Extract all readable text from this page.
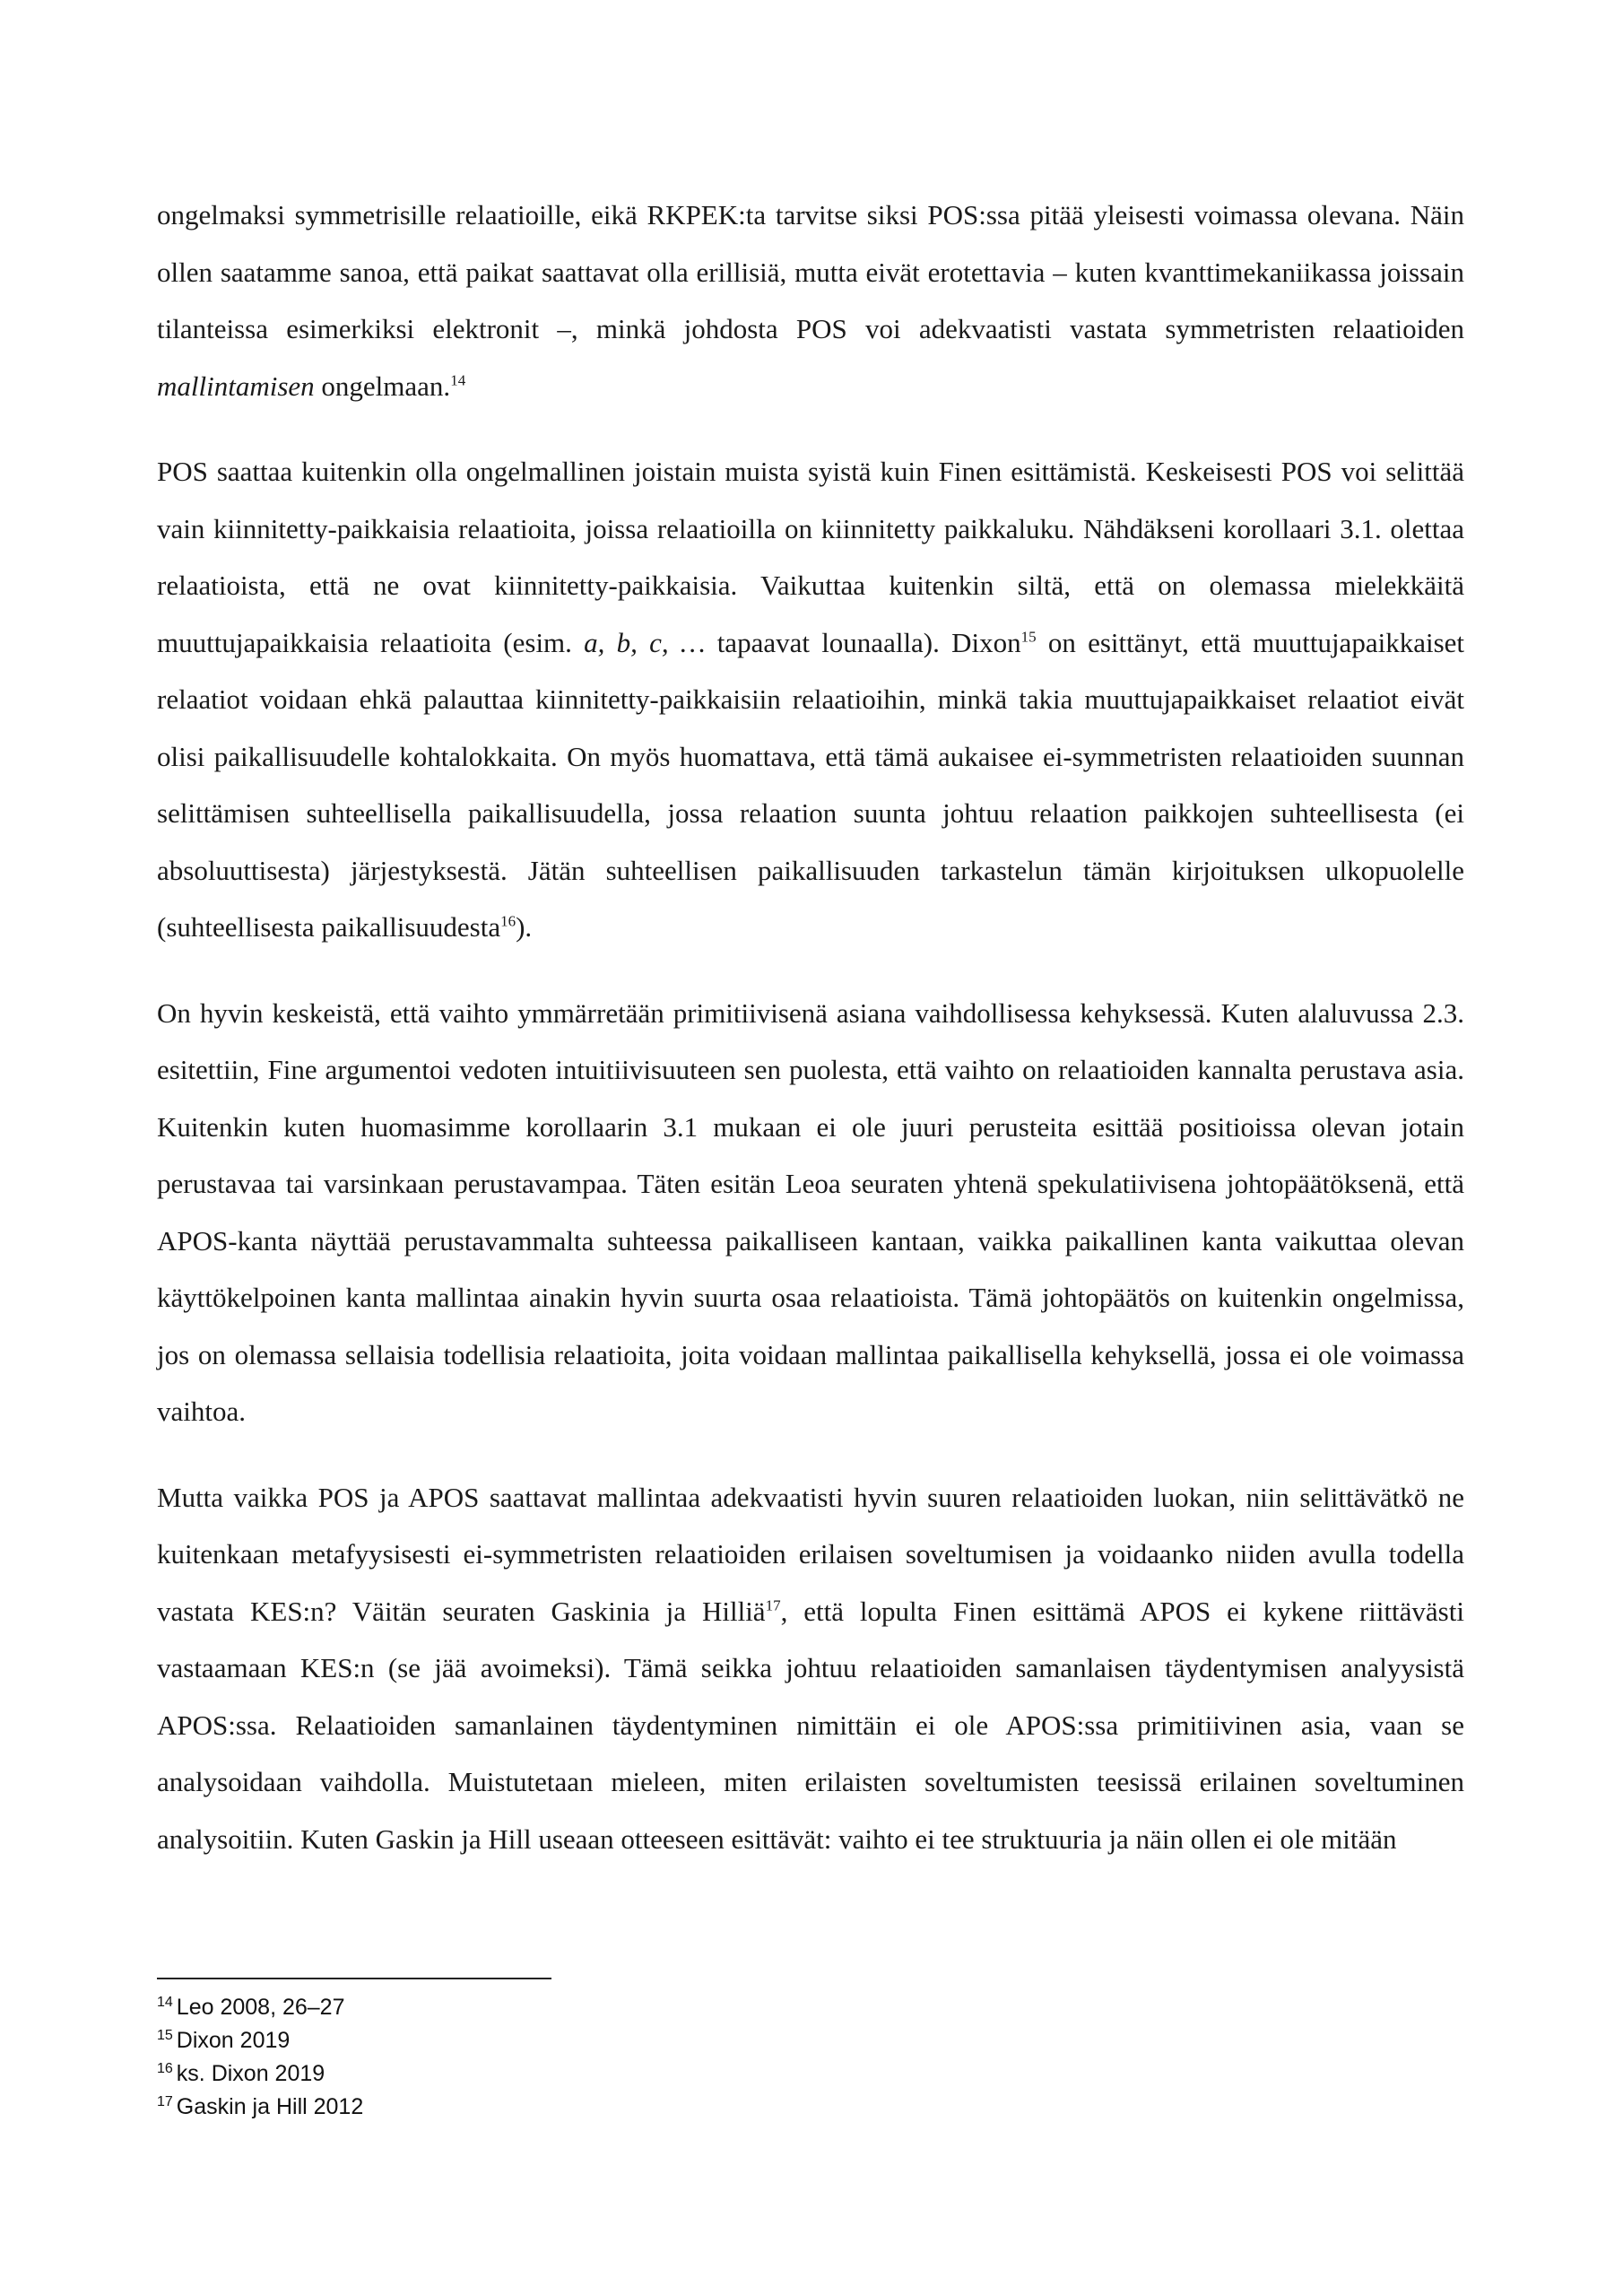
ongelmaksi symmetrisille relaatioille, eikä RKPEK:ta tarvitse siksi POS:ssa pitää yleisesti voimassa olevana. Näin ollen saatamme sanoa, että paikat saattavat olla erillisiä, mutta eivät erotettavia – kuten kvanttimekaniikassa joissain tilanteissa esimerkiksi elektronit –, minkä johdosta POS voi adekvaatisti vastata symmetristen relaatioiden mallintamisen ongelmaan.$^{14}$

POS saattaa kuitenkin olla ongelmallinen joistain muista syistä kuin Finen esittämistä. Keskeisesti POS voi selittää vain kiinnitetty-paikkaisia relaatioita, joissa relaatioilla on kiinnitetty paikkaluku. Nähdäkseni korollaari 3.1. olettaa relaatioista, että ne ovat kiinnitetty-paikkaisia. Vaikuttaa kuitenkin siltä, että on olemassa mielekkäitä muuttujapaikkaisia relaatioita (esim. a, b, c, … tapaavat lounaalla). Dixon$^{15}$ on esittänyt, että muuttujapaikkaiset relaatiot voidaan ehkä palauttaa kiinnitetty-paikkaisiin relaatioihin, minkä takia muuttujapaikkaiset relaatiot eivät olisi paikallisuudelle kohtalokkaita. On myös huomattava, että tämä aukaisee ei-symmetristen relaatioiden suunnan selittämisen suhteellisella paikallisuudella, jossa relaation suunta johtuu relaation paikkojen suhteellisesta (ei absoluuttisesta) järjestyksestä. Jätän suhteellisen paikallisuuden tarkastelun tämän kirjoituksen ulkopuolelle (suhteellisesta paikallisuudesta$^{16}$).

On hyvin keskeistä, että vaihto ymmärretään primitiivisenä asiana vaihdollisessa kehyksessä. Kuten alaluvussa 2.3. esitettiin, Fine argumentoi vedoten intuitiivisuuteen sen puolesta, että vaihto on relaatioiden kannalta perustava asia. Kuitenkin kuten huomasimme korollaarin 3.1 mukaan ei ole juuri perusteita esittää positioissa olevan jotain perustavaa tai varsinkaan perustavampaa. Täten esitän Leoa seuraten yhtenä spekulatiivisena johtopäätöksenä, että APOS-kanta näyttää perustavammalta suhteessa paikalliseen kantaan, vaikka paikallinen kanta vaikuttaa olevan käyttökelpoinen kanta mallintaa ainakin hyvin suurta osaa relaatioista. Tämä johtopäätös on kuitenkin ongelmissa, jos on olemassa sellaisia todellisia relaatioita, joita voidaan mallintaa paikallisella kehyksellä, jossa ei ole voimassa vaihtoa.

Mutta vaikka POS ja APOS saattavat mallintaa adekvaatisti hyvin suuren relaatioiden luokan, niin selittävätkö ne kuitenkaan metafyysisesti ei-symmetristen relaatioiden erilaisen soveltumisen ja voidaanko niiden avulla todella vastata KES:n? Väitän seuraten Gaskinia ja Hilliä$^{17}$, että lopulta Finen esittämä APOS ei kykene riittävästi vastaamaan KES:n (se jää avoimeksi). Tämä seikka johtuu relaatioiden samanlaisen täydentymisen analyysistä APOS:ssa. Relaatioiden samanlainen täydentyminen nimittäin ei ole APOS:ssa primitiivinen asia, vaan se analysoidaan vaihdolla. Muistutetaan mieleen, miten erilaisten soveltumisten teesissä erilainen soveltuminen analysoitiin. Kuten Gaskin ja Hill useaan otteeseen esittävät: vaihto ei tee struktuuria ja näin ollen ei ole mitään

$^{14}$ Leo 2008, 26–27

$^{15}$ Dixon 2019

$^{16}$ ks. Dixon 2019

$^{17}$ Gaskin ja Hill 2012
